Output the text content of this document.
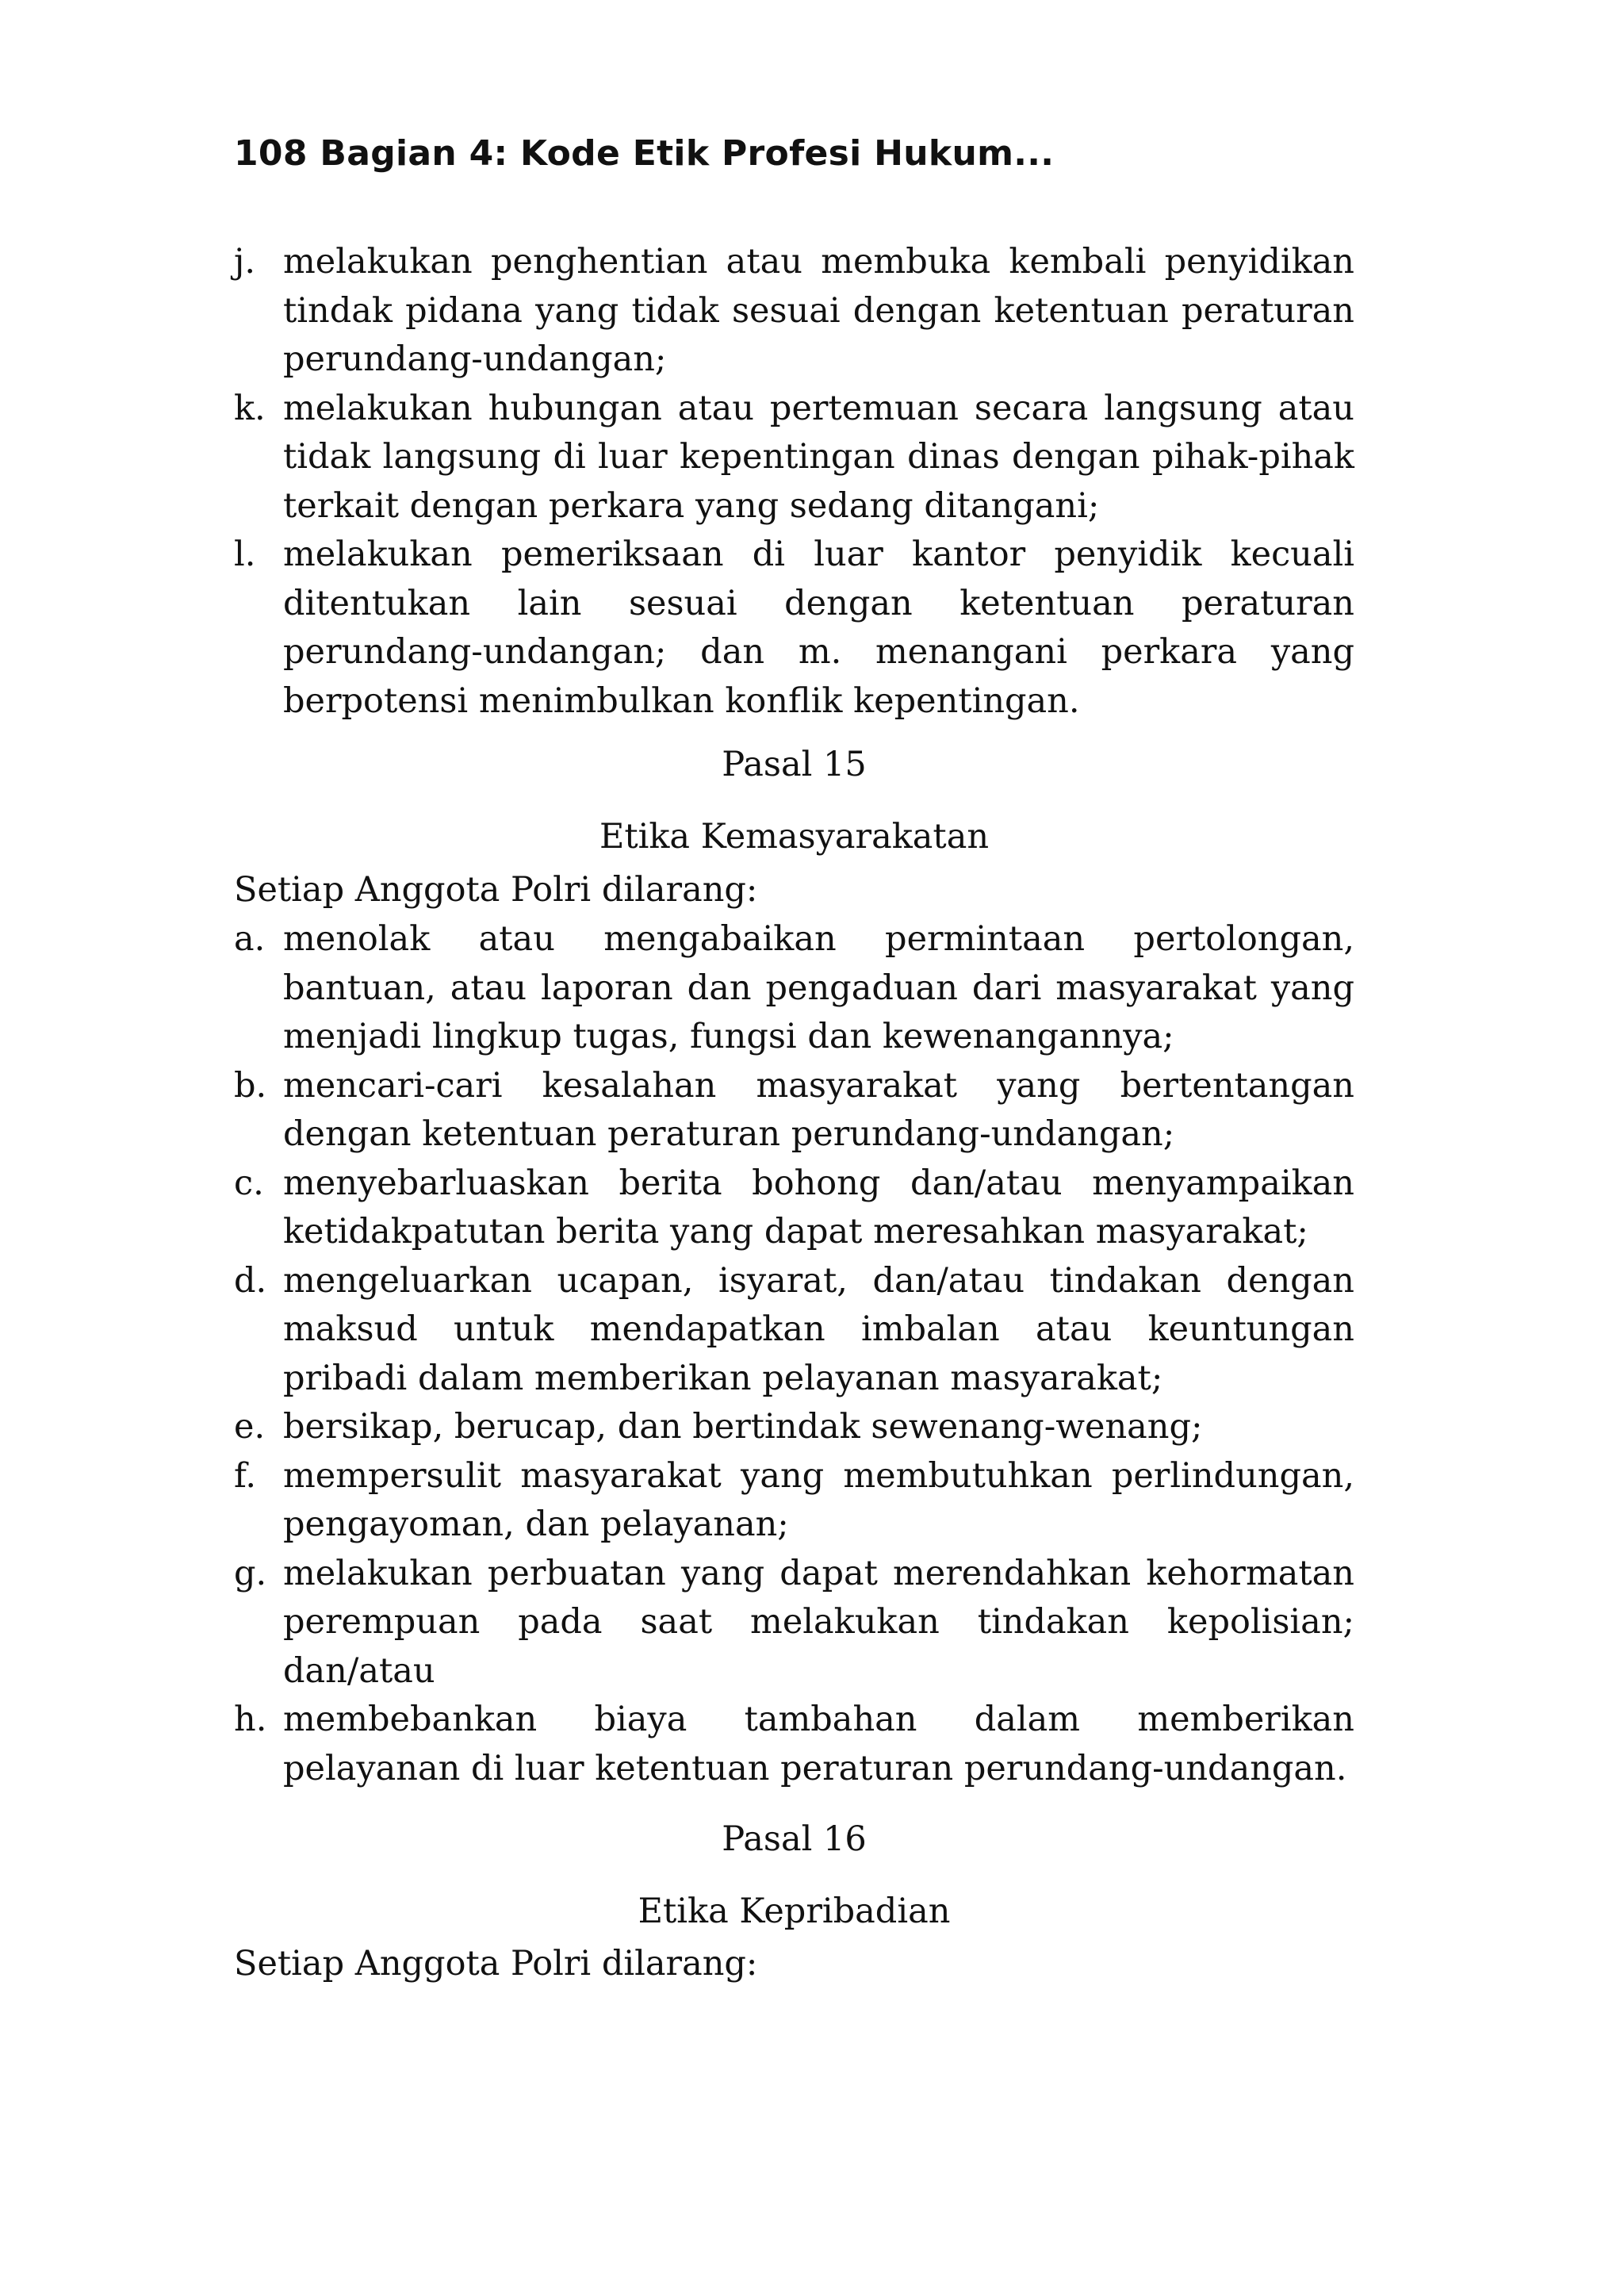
108 Bagian 4: Kode Etik Profesi Hukum...
j. melakukan penghentian atau membuka kembali penyidikan tindak pidana yang tidak sesuai dengan ketentuan peraturan perundang-undangan;
k. melakukan hubungan atau pertemuan secara langsung atau tidak langsung di luar kepentingan dinas dengan pihak-pihak terkait dengan perkara yang sedang ditangani;
l. melakukan pemeriksaan di luar kantor penyidik kecuali ditentukan lain sesuai dengan ketentuan peraturan perundang-undangan; dan m. menangani perkara yang berpotensi menimbulkan konflik kepentingan.
Pasal 15
Etika Kemasyarakatan
Setiap Anggota Polri dilarang:
a. menolak atau mengabaikan permintaan pertolongan, bantuan, atau laporan dan pengaduan dari masyarakat yang menjadi lingkup tugas, fungsi dan kewenangannya;
b. mencari-cari kesalahan masyarakat yang bertentangan dengan ketentuan peraturan perundang-undangan;
c. menyebarluaskan berita bohong dan/atau menyampaikan ketidakpatutan berita yang dapat meresahkan masyarakat;
d. mengeluarkan ucapan, isyarat, dan/atau tindakan dengan maksud untuk mendapatkan imbalan atau keuntungan pribadi dalam memberikan pelayanan masyarakat;
e. bersikap, berucap, dan bertindak sewenang-wenang;
f. mempersulit masyarakat yang membutuhkan perlindungan, pengayoman, dan pelayanan;
g. melakukan perbuatan yang dapat merendahkan kehormatan perempuan pada saat melakukan tindakan kepolisian; dan/atau
h. membebankan biaya tambahan dalam memberikan pelayanan di luar ketentuan peraturan perundang-undangan.
Pasal 16
Etika Kepribadian
Setiap Anggota Polri dilarang:
